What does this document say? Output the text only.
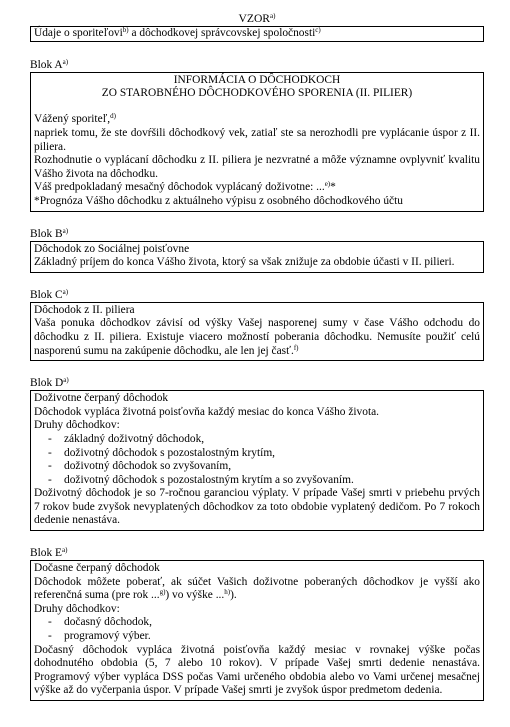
VZOR$^{a)}$
Údaje o sporiteľovi$^{b)}$ a dôchodkovej správcovskej spoločnosti$^{c)}$
Blok $A^{a)}$
INFORMÁCIA O DÔCHODKOCH
ZO STAROBNÉHO DÔCHODKOVÉHO SPORENIA (II. PILIER)
Vážený sporiteľ,$^{d)}$
napriek tomu, že ste dovŕšili dôchodkový vek, zatiaľ ste sa nerozhodli pre vyplácanie úspor z II. piliera.
Rozhodnutie o vyplácaní dôchodku z II. piliera je nezvratné a môže významne ovplyvniť kvalitu Vášho života na dôchodku.
Váš predpokladaný mesačný dôchodok vyplácaný doživotne: ...$^{e)}$*
*Prognóza Vášho dôchodku z aktuálneho výpisu z osobného dôchodkového účtu
Blok $B^{a)}$
Dôchodok zo Sociálnej poisťovne
Základný príjem do konca Vášho života, ktorý sa však znižuje za obdobie účasti v II. pilieri.
Blok $C^{a)}$
Dôchodok z II. piliera
Vaša ponuka dôchodkov závisí od výšky Vašej nasporenej sumy v čase Vášho odchodu do dôchodku z II. piliera. Existuje viacero možností poberania dôchodku. Nemusíte použiť celú nasporenú sumu na zakúpenie dôchodku, ale len jej časť.$^{f)}$
Blok $D^{a)}$
Doživotne čerpaný dôchodok
Dôchodok vypláca životná poisťovňa každý mesiac do konca Vášho života.
Druhy dôchodkov:
- základný doživotný dôchodok,
- doživotný dôchodok s pozostalostným krytím,
- doživotný dôchodok so zvyšovaním,
- doživotný dôchodok s pozostalostným krytím a so zvyšovaním.
Doživotný dôchodok je so 7-ročnou garanciou výplaty. V prípade Vašej smrti v priebehu prvých 7 rokov bude zvyšok nevyplatených dôchodkov za toto obdobie vyplatený dedičom. Po 7 rokoch dedenie nenastáva.
Blok $E^{a)}$
Dočasne čerpaný dôchodok
Dôchodok môžete poberať, ak súčet Vašich doživotne poberaných dôchodkov je vyšší ako referenčná suma (pre rok ...$^{g)}$) vo výške ...$^{h)}$).
Druhy dôchodkov:
- dočasný dôchodok,
- programový výber.
Dočasný dôchodok vypláca životná poisťovňa každý mesiac v rovnakej výške počas dohodnutého obdobia (5, 7 alebo 10 rokov). V prípade Vašej smrti dedenie nenastáva. Programový výber vypláca DSS počas Vami určeného obdobia alebo vo Vami určenej mesačnej výške až do vyčerpania úspor. V prípade Vašej smrti je zvyšok úspor predmetom dedenia.
